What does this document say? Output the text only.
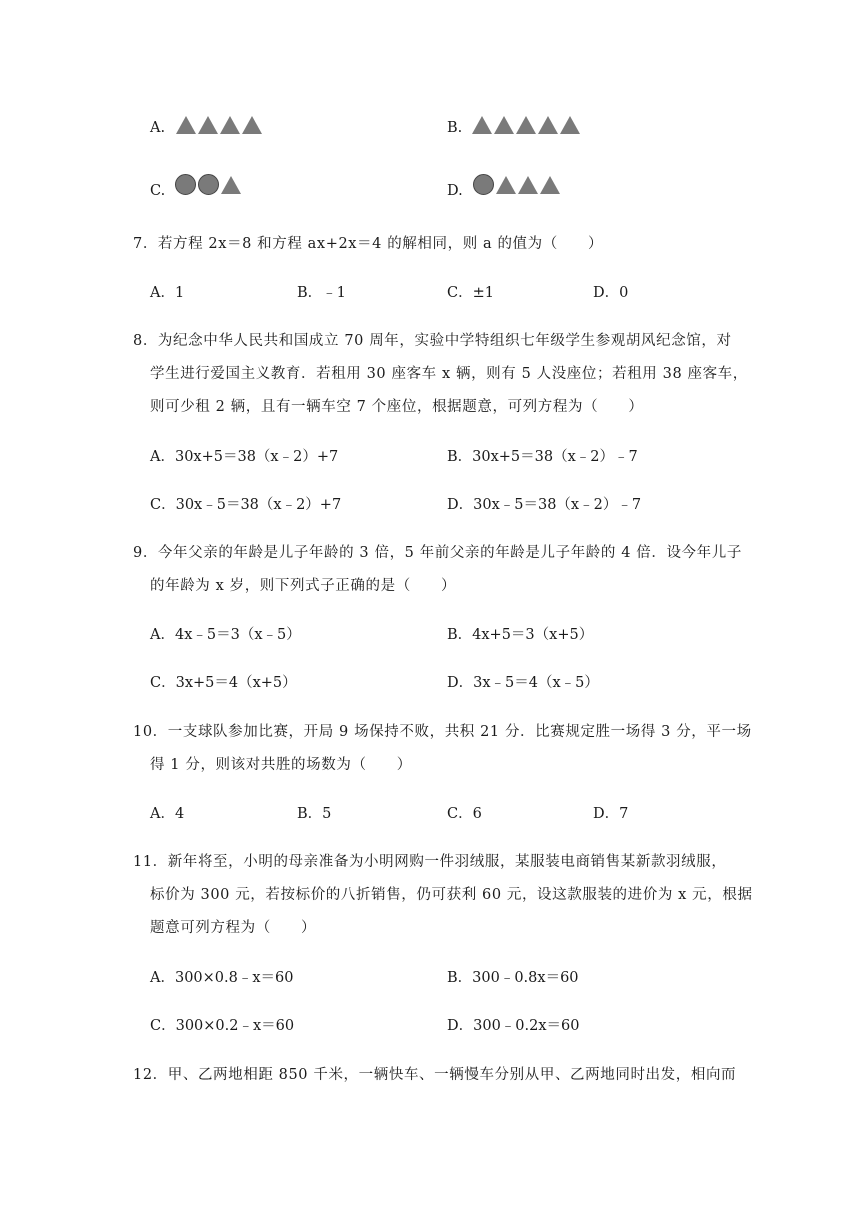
A.	B.
C.	D.
7．若方程 2x＝8 和方程 ax+2x＝4 的解相同，则 a 的值为（　　）
A．1	B．﹣1	C．±1	D．0
8．为纪念中华人民共和国成立 70 周年，实验中学特组织七年级学生参观胡风纪念馆，对
学生进行爱国主义教育．若租用 30 座客车 x 辆，则有 5 人没座位；若租用 38 座客车，
则可少租 2 辆，且有一辆车空 7 个座位，根据题意，可列方程为（　　）
A．30x+5＝38（x﹣2）+7	B．30x+5＝38（x﹣2）﹣7
C．30x﹣5＝38（x﹣2）+7	D．30x﹣5＝38（x﹣2）﹣7
9．今年父亲的年龄是儿子年龄的 3 倍，5 年前父亲的年龄是儿子年龄的 4 倍．设今年儿子
的年龄为 x 岁，则下列式子正确的是（　　）
A．4x﹣5＝3（x﹣5）	B．4x+5＝3（x+5）
C．3x+5＝4（x+5）	D．3x﹣5＝4（x﹣5）
10．一支球队参加比赛，开局 9 场保持不败，共积 21 分．比赛规定胜一场得 3 分，平一场
得 1 分，则该对共胜的场数为（　　）
A．4	B．5	C．6	D．7
11．新年将至，小明的母亲准备为小明网购一件羽绒服，某服装电商销售某新款羽绒服，
标价为 300 元，若按标价的八折销售，仍可获利 60 元，设这款服装的进价为 x 元，根据
题意可列方程为（　　）
A．300×0.8﹣x＝60	B．300﹣0.8x＝60
C．300×0.2﹣x＝60	D．300﹣0.2x＝60
12．甲、乙两地相距 850 千米，一辆快车、一辆慢车分别从甲、乙两地同时出发，相向而
